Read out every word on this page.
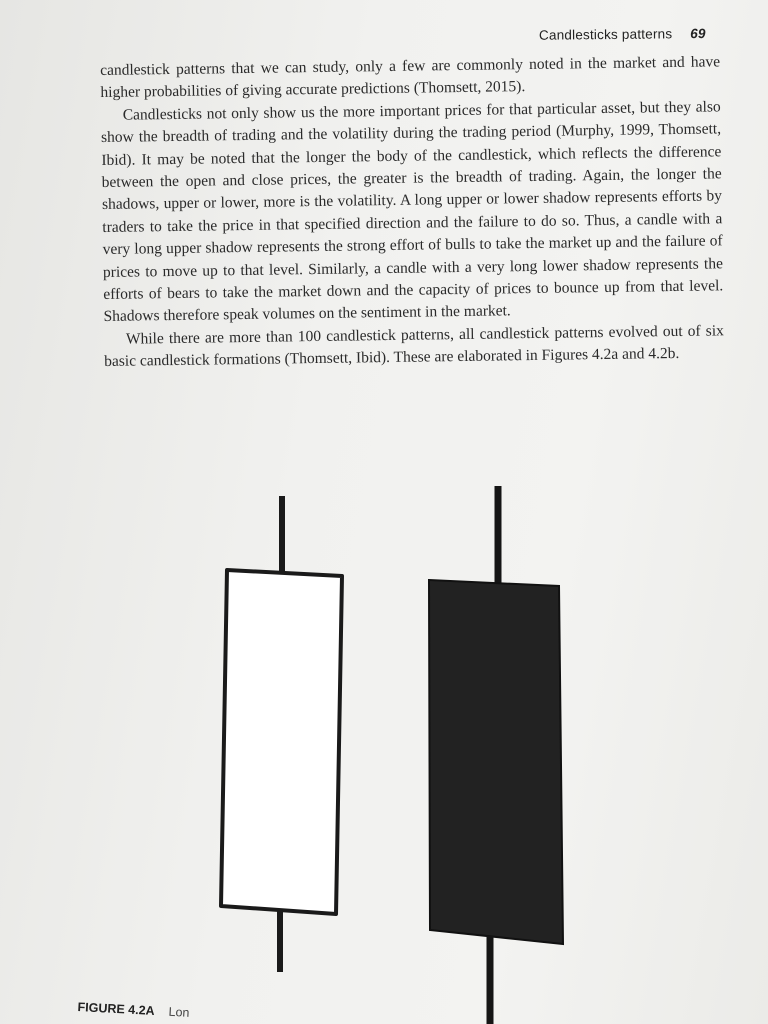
Candlesticks patterns 69

candlestick patterns that we can study, only a few are commonly noted in the market and have higher probabilities of giving accurate predictions (Thomsett, 2015).

Candlesticks not only show us the more important prices for that particular asset, but they also show the breadth of trading and the volatility during the trading period (Murphy, 1999, Thomsett, Ibid). It may be noted that the longer the body of the candlestick, which reflects the difference between the open and close prices, the greater is the breadth of trading. Again, the longer the shadows, upper or lower, more is the volatility. A long upper or lower shadow represents efforts by traders to take the price in that specified direction and the failure to do so. Thus, a candle with a very long upper shadow represents the strong effort of bulls to take the market up and the failure of prices to move up to that level. Similarly, a candle with a very long lower shadow represents the efforts of bears to take the market down and the capacity of prices to bounce up from that level. Shadows therefore speak volumes on the sentiment in the market.

While there are more than 100 candlestick patterns, all candlestick patterns evolved out of six basic candlestick formations (Thomsett, Ibid). These are elaborated in Figures 4.2a and 4.2b.

FIGURE 4.2A Lon
